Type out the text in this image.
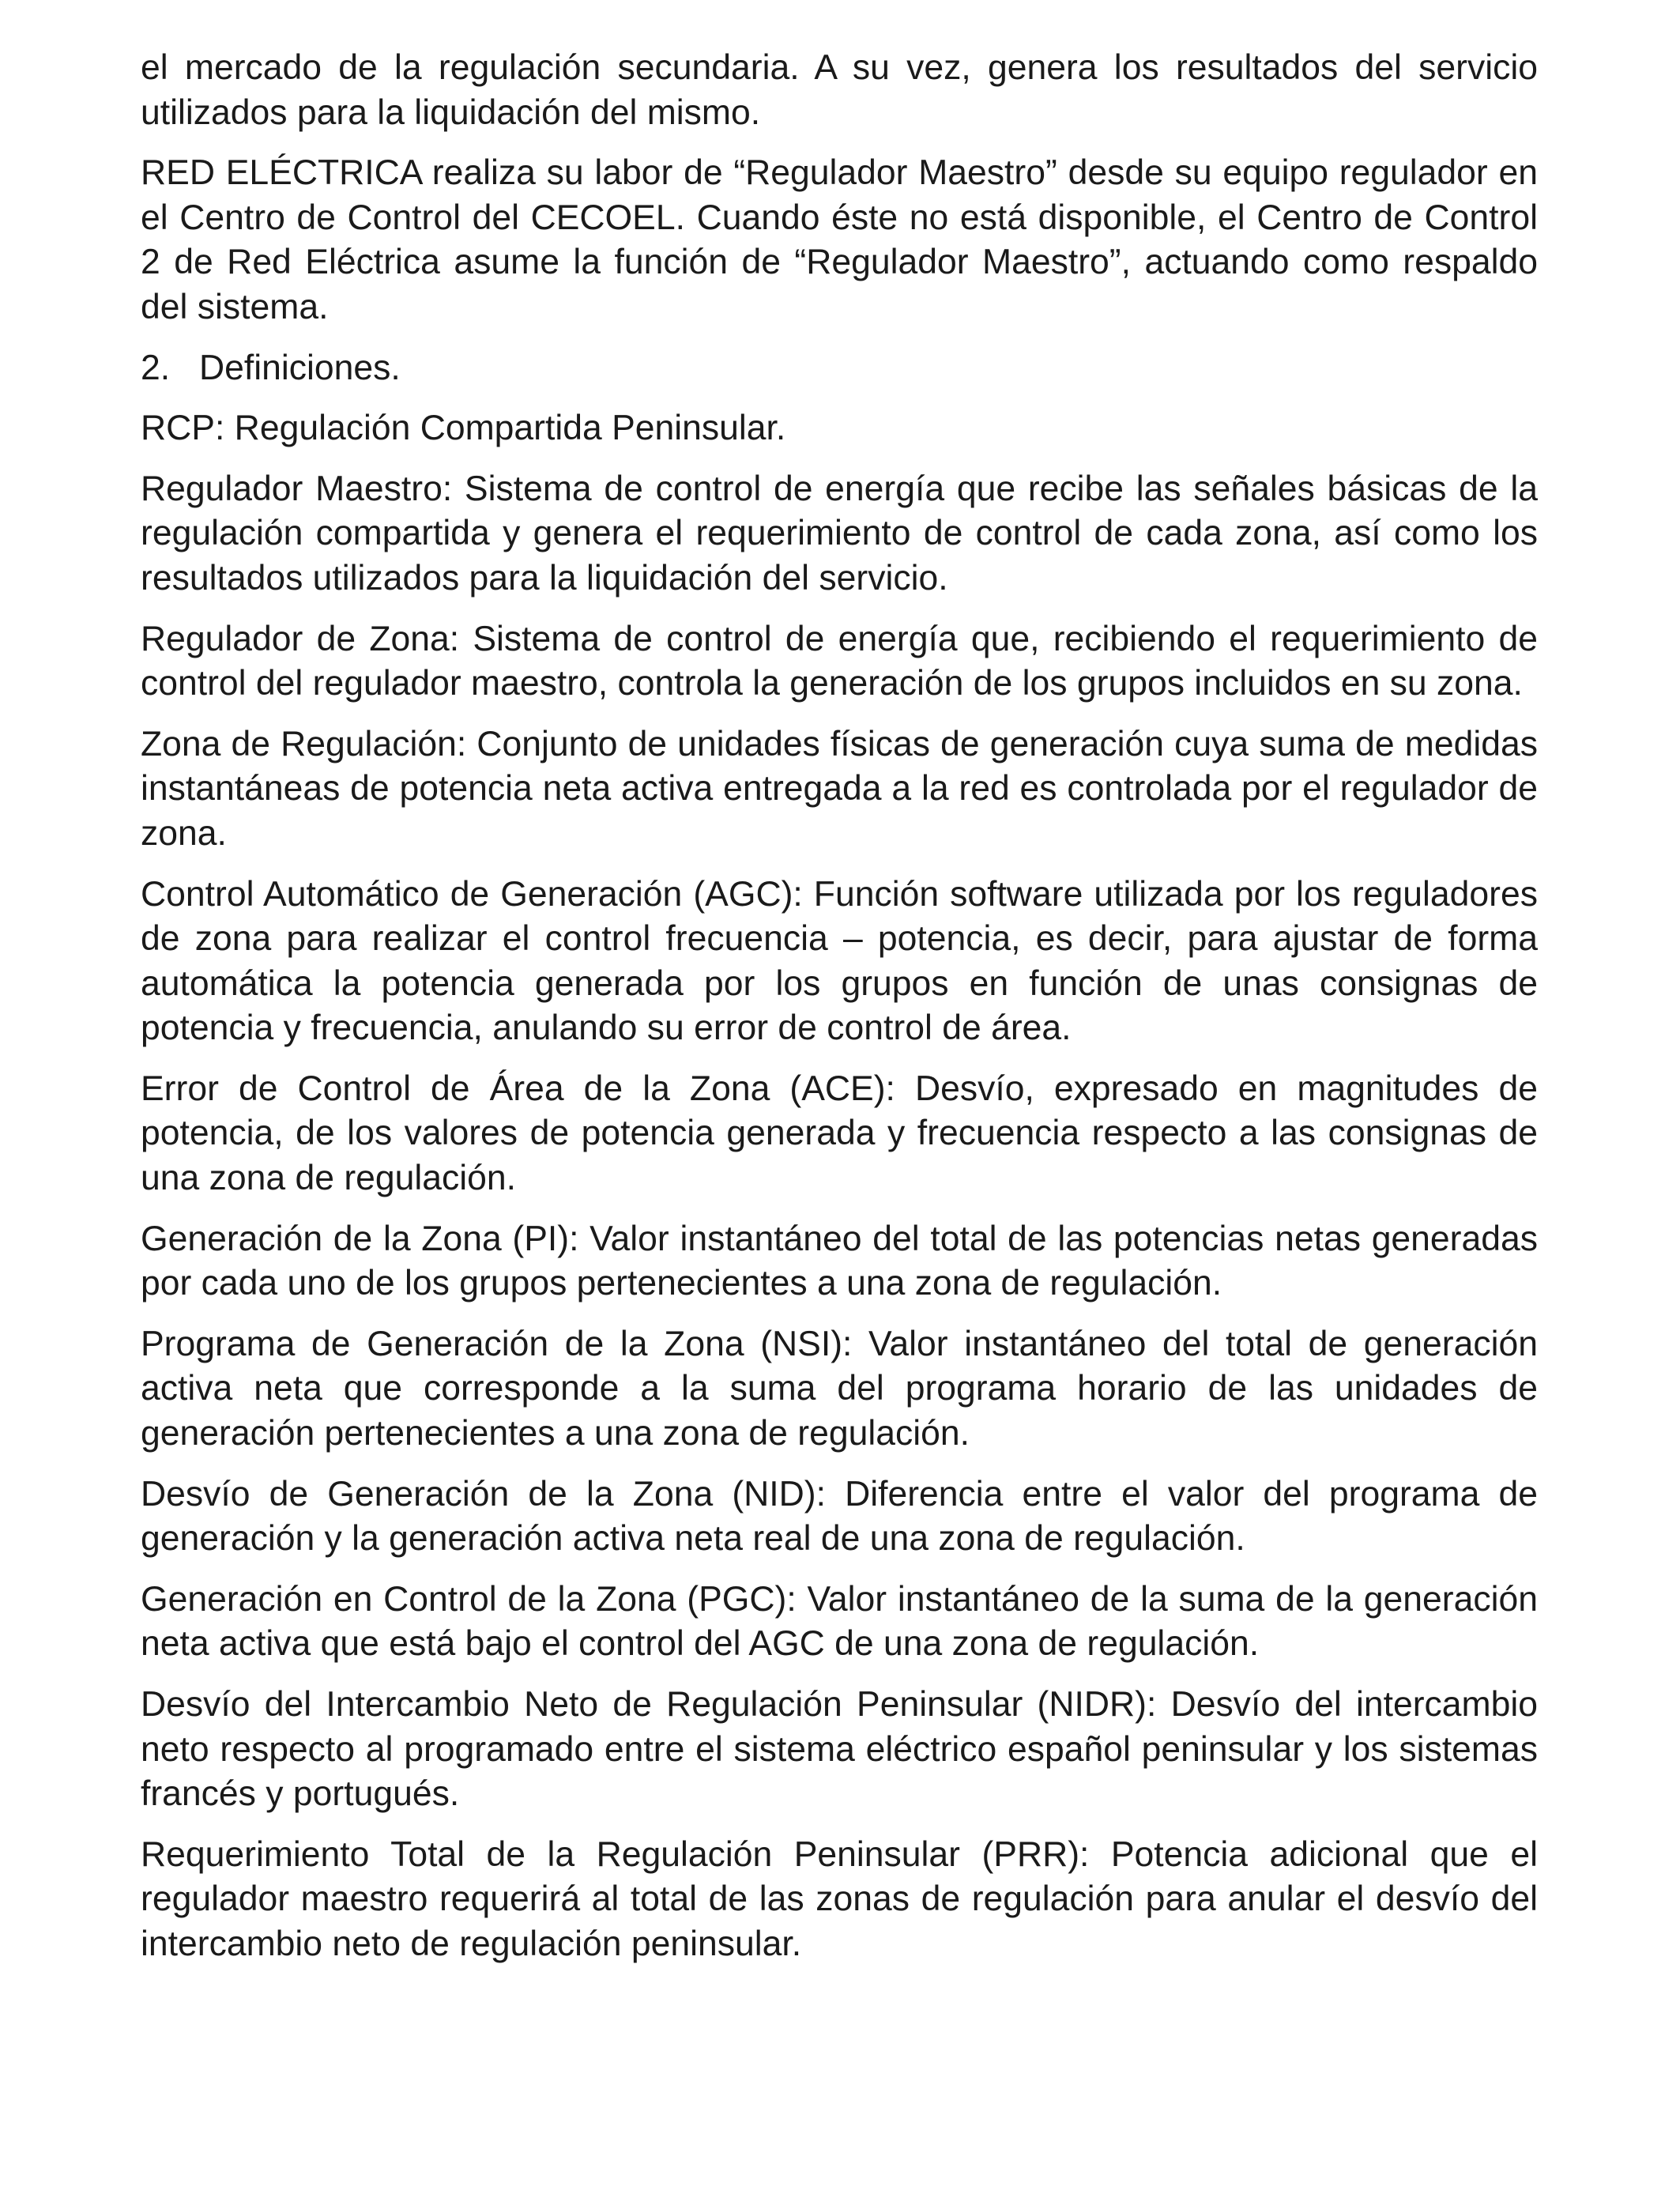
el mercado de la regulación secundaria. A su vez, genera los resultados del servicio utilizados para la liquidación del mismo.

RED ELÉCTRICA realiza su labor de “Regulador Maestro” desde su equipo regulador en el Centro de Control del CECOEL. Cuando éste no está disponible, el Centro de Control 2 de Red Eléctrica asume la función de “Regulador Maestro”, actuando como respaldo del sistema.

2. Definiciones.

RCP: Regulación Compartida Peninsular.

Regulador Maestro: Sistema de control de energía que recibe las señales básicas de la regulación compartida y genera el requerimiento de control de cada zona, así como los resultados utilizados para la liquidación del servicio.

Regulador de Zona: Sistema de control de energía que, recibiendo el requerimiento de control del regulador maestro, controla la generación de los grupos incluidos en su zona.

Zona de Regulación: Conjunto de unidades físicas de generación cuya suma de medidas instantáneas de potencia neta activa entregada a la red es controlada por el regulador de zona.

Control Automático de Generación (AGC): Función software utilizada por los reguladores de zona para realizar el control frecuencia – potencia, es decir, para ajustar de forma automática la potencia generada por los grupos en función de unas consignas de potencia y frecuencia, anulando su error de control de área.

Error de Control de Área de la Zona (ACE): Desvío, expresado en magnitudes de potencia, de los valores de potencia generada y frecuencia respecto a las consignas de una zona de regulación.

Generación de la Zona (PI): Valor instantáneo del total de las potencias netas generadas por cada uno de los grupos pertenecientes a una zona de regulación.

Programa de Generación de la Zona (NSI): Valor instantáneo del total de generación activa neta que corresponde a la suma del programa horario de las unidades de generación pertenecientes a una zona de regulación.

Desvío de Generación de la Zona (NID): Diferencia entre el valor del programa de generación y la generación activa neta real de una zona de regulación.

Generación en Control de la Zona (PGC): Valor instantáneo de la suma de la generación neta activa que está bajo el control del AGC de una zona de regulación.

Desvío del Intercambio Neto de Regulación Peninsular (NIDR): Desvío del intercambio neto respecto al programado entre el sistema eléctrico español peninsular y los sistemas francés y portugués.

Requerimiento Total de la Regulación Peninsular (PRR): Potencia adicional que el regulador maestro requerirá al total de las zonas de regulación para anular el desvío del intercambio neto de regulación peninsular.
